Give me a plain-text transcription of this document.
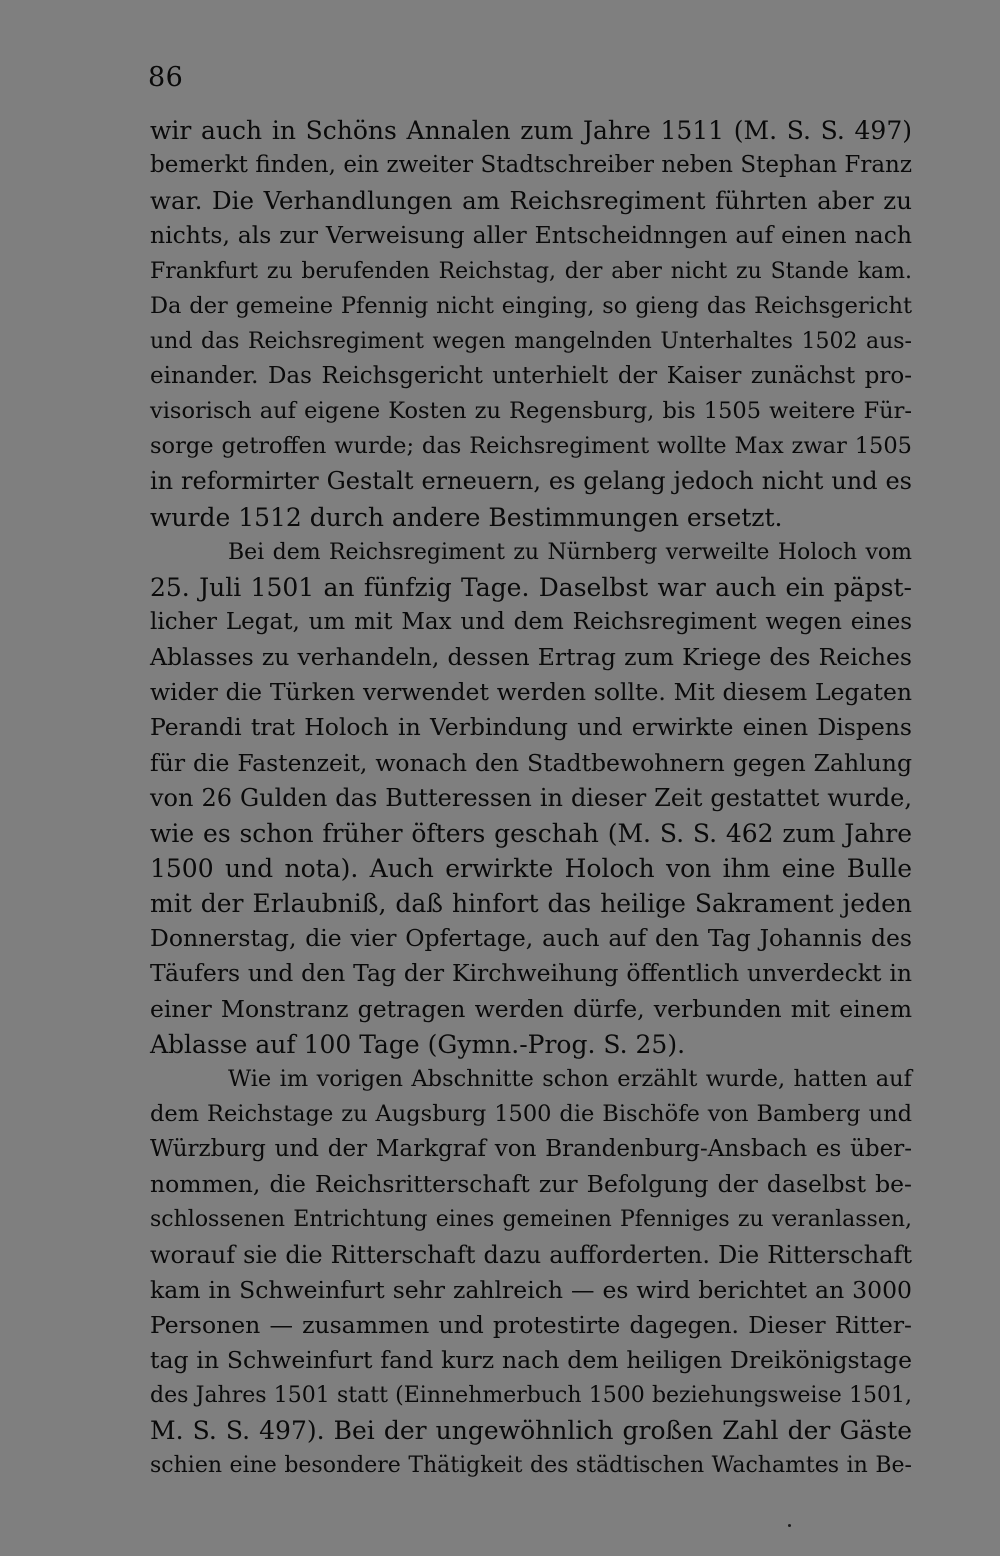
86
wir auch in Schöns Annalen zum Jahre 1511 (M. S. S. 497)
bemerkt finden, ein zweiter Stadtschreiber neben Stephan Franz
war. Die Verhandlungen am Reichsregiment führten aber zu
nichts, als zur Verweisung aller Entscheidnngen auf einen nach
Frankfurt zu berufenden Reichstag, der aber nicht zu Stande kam.
Da der gemeine Pfennig nicht einging, so gieng das Reichsgericht
und das Reichsregiment wegen mangelnden Unterhaltes 1502 aus-
einander. Das Reichsgericht unterhielt der Kaiser zunächst pro-
visorisch auf eigene Kosten zu Regensburg, bis 1505 weitere Für-
sorge getroffen wurde; das Reichsregiment wollte Max zwar 1505
in reformirter Gestalt erneuern, es gelang jedoch nicht und es
wurde 1512 durch andere Bestimmungen ersetzt.
Bei dem Reichsregiment zu Nürnberg verweilte Holoch vom
25. Juli 1501 an fünfzig Tage. Daselbst war auch ein päpst-
licher Legat, um mit Max und dem Reichsregiment wegen eines
Ablasses zu verhandeln, dessen Ertrag zum Kriege des Reiches
wider die Türken verwendet werden sollte. Mit diesem Legaten
Perandi trat Holoch in Verbindung und erwirkte einen Dispens
für die Fastenzeit, wonach den Stadtbewohnern gegen Zahlung
von 26 Gulden das Butteressen in dieser Zeit gestattet wurde,
wie es schon früher öfters geschah (M. S. S. 462 zum Jahre
1500 und nota). Auch erwirkte Holoch von ihm eine Bulle
mit der Erlaubniß, daß hinfort das heilige Sakrament jeden
Donnerstag, die vier Opfertage, auch auf den Tag Johannis des
Täufers und den Tag der Kirchweihung öffentlich unverdeckt in
einer Monstranz getragen werden dürfe, verbunden mit einem
Ablasse auf 100 Tage (Gymn.-Prog. S. 25).
Wie im vorigen Abschnitte schon erzählt wurde, hatten auf
dem Reichstage zu Augsburg 1500 die Bischöfe von Bamberg und
Würzburg und der Markgraf von Brandenburg-Ansbach es über-
nommen, die Reichsritterschaft zur Befolgung der daselbst be-
schlossenen Entrichtung eines gemeinen Pfenniges zu veranlassen,
worauf sie die Ritterschaft dazu aufforderten. Die Ritterschaft
kam in Schweinfurt sehr zahlreich — es wird berichtet an 3000
Personen — zusammen und protestirte dagegen. Dieser Ritter-
tag in Schweinfurt fand kurz nach dem heiligen Dreikönigstage
des Jahres 1501 statt (Einnehmerbuch 1500 beziehungsweise 1501,
M. S. S. 497). Bei der ungewöhnlich großen Zahl der Gäste
schien eine besondere Thätigkeit des städtischen Wachamtes in Be-
